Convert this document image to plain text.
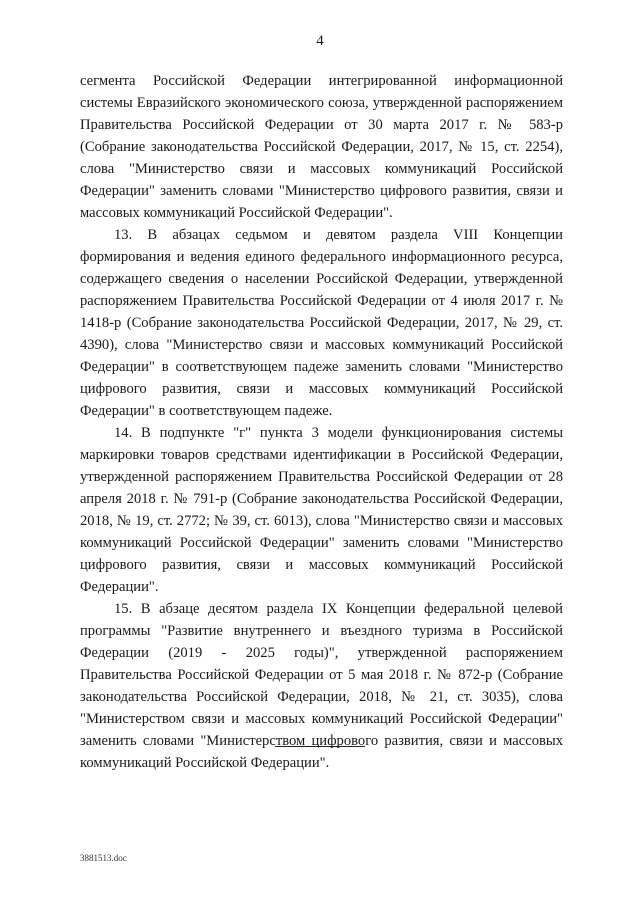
4

сегмента Российской Федерации интегрированной информационной системы Евразийского экономического союза, утвержденной распоряжением Правительства Российской Федерации от 30 марта 2017 г. № 583-р (Собрание законодательства Российской Федерации, 2017, № 15, ст. 2254), слова "Министерство связи и массовых коммуникаций Российской Федерации" заменить словами "Министерство цифрового развития, связи и массовых коммуникаций Российской Федерации".

13. В абзацах седьмом и девятом раздела VIII Концепции формирования и ведения единого федерального информационного ресурса, содержащего сведения о населении Российской Федерации, утвержденной распоряжением Правительства Российской Федерации от 4 июля 2017 г. № 1418-р (Собрание законодательства Российской Федерации, 2017, № 29, ст. 4390), слова "Министерство связи и массовых коммуникаций Российской Федерации" в соответствующем падеже заменить словами "Министерство цифрового развития, связи и массовых коммуникаций Российской Федерации" в соответствующем падеже.

14. В подпункте "г" пункта 3 модели функционирования системы маркировки товаров средствами идентификации в Российской Федерации, утвержденной распоряжением Правительства Российской Федерации от 28 апреля 2018 г. № 791-р (Собрание законодательства Российской Федерации, 2018, № 19, ст. 2772; № 39, ст. 6013), слова "Министерство связи и массовых коммуникаций Российской Федерации" заменить словами "Министерство цифрового развития, связи и массовых коммуникаций Российской Федерации".

15. В абзаце десятом раздела IX Концепции федеральной целевой программы "Развитие внутреннего и въездного туризма в Российской Федерации (2019 - 2025 годы)", утвержденной распоряжением Правительства Российской Федерации от 5 мая 2018 г. № 872-р (Собрание законодательства Российской Федерации, 2018, № 21, ст. 3035), слова "Министерством связи и массовых коммуникаций Российской Федерации" заменить словами "Министерством цифрового развития, связи и массовых коммуникаций Российской Федерации".

3881513.doc
